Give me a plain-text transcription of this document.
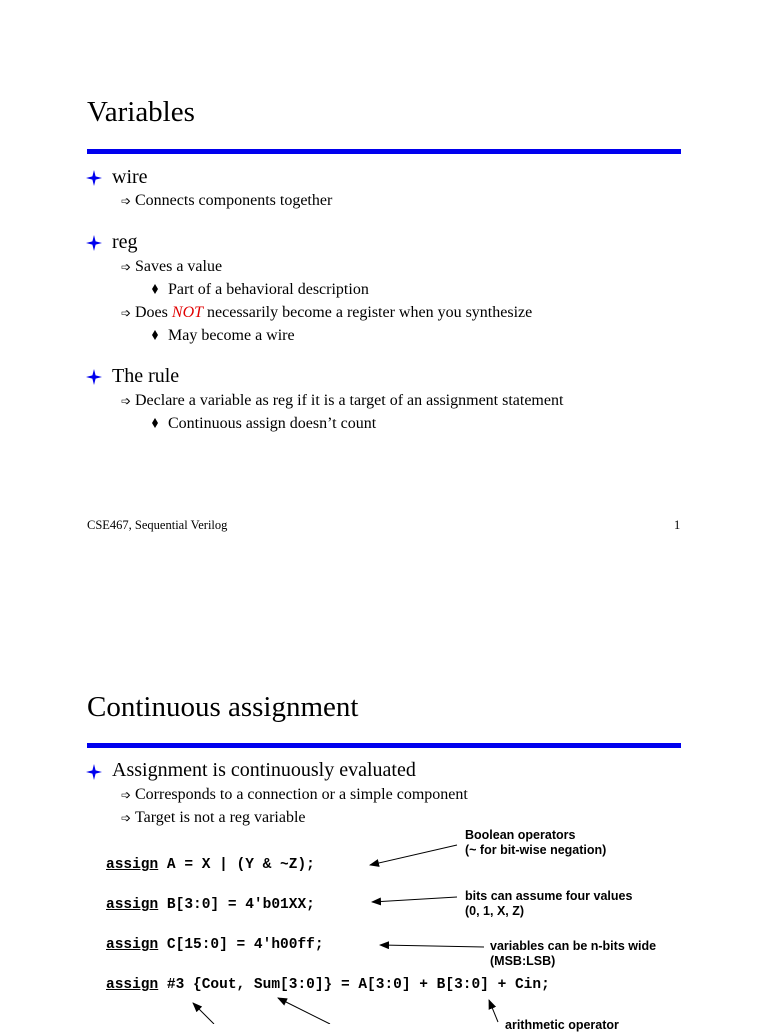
Variables
wire
➩ Connects components together
reg
➩ Saves a value
Part of a behavioral description
➩ Does NOT necessarily become a register when you synthesize
May become a wire
The rule
➩ Declare a variable as reg if it is a target of an assignment statement
Continuous assign doesn’t count
CSE467, Sequential Verilog	1
Continuous assignment
Assignment is continuously evaluated
➩ Corresponds to a connection or a simple component
➩ Target is not a reg variable
assign A = X | (Y & ~Z);
assign B[3:0] = 4'b01XX;
assign C[15:0] = 4'h00ff;
assign #3 {Cout, Sum[3:0]} = A[3:0] + B[3:0] + Cin;
Boolean operators
(~ for bit-wise negation)
bits can assume four values
(0, 1, X, Z)
variables can be n-bits wide
(MSB:LSB)
arithmetic operator
